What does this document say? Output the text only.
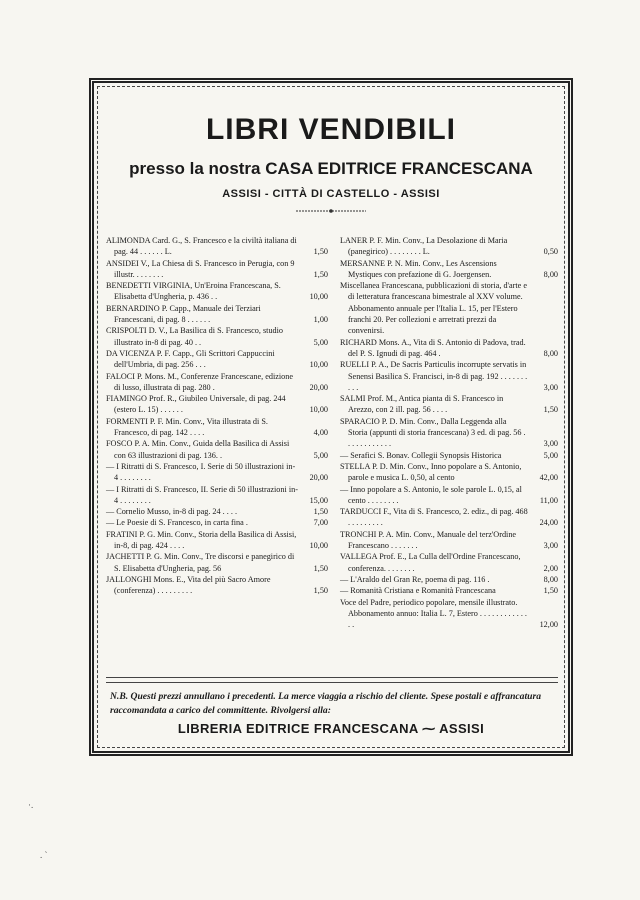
LIBRI VENDIBILI
presso la nostra CASA EDITRICE FRANCESCANA
ASSISI - CITTÀ DI CASTELLO - ASSISI
ALIMONDA Card. G., S. Francesco e la civiltà italiana di pag. 44 . . . . . . L.	1,50
ANSIDEI V., La Chiesa di S. Francesco in Perugia, con 9 illustr. . . . . . . .	1,50
BENEDETTI VIRGINIA, Un'Eroina Francescana, S. Elisabetta d'Ungheria, p. 436 . .	10,00
BERNARDINO P. Capp., Manuale dei Terziari Francescani, di pag. 8 . . . . . .	1,00
CRISPOLTI D. V., La Basilica di S. Francesco, studio illustrato in-8 di pag. 40 . .	5,00
DA VICENZA P. F. Capp., Gli Scrittori Cappuccini dell'Umbria, di pag. 256 . . .	10,00
FALOCI P. Mons. M., Conferenze Francescane, edizione di lusso, illustrata di pag. 280 .	20,00
FIAMINGO Prof. R., Giubileo Universale, di pag. 244 (estero L. 15) . . . . . .	10,00
FORMENTI P. F. Min. Conv., Vita illustrata di S. Francesco, di pag. 142 . . . .	4,00
FOSCO P. A. Min. Conv., Guida della Basilica di Assisi con 63 illustrazioni di pag. 136. .	5,00
— I Ritratti di S. Francesco, I. Serie di 50 illustrazioni in-4 . . . . . . . .	20,00
— I Ritratti di S. Francesco, II. Serie di 50 illustrazioni in-4 . . . . . . . .	15,00
— Cornelio Musso, in-8 di pag. 24 . . . .	1,50
— Le Poesie di S. Francesco, in carta fina .	7,00
FRATINI P. G. Min. Conv., Storia della Basilica di Assisi, in-8, di pag. 424 . . . .	10,00
JACHETTI P. G. Min. Conv., Tre discorsi e panegirico di S. Elisabetta d'Ungheria, pag. 56	1,50
JALLONGHI Mons. E., Vita del più Sacro Amore (conferenza) . . . . . . . . .	1,50
LANER P. F. Min. Conv., La Desolazione di Maria (panegirico) . . . . . . . . L.	0,50
MERSANNE P. N. Min. Conv., Les Ascensions Mystiques con prefazione di G. Joergensen.	8,00
Miscellanea Francescana, pubblicazioni di storia, d'arte e di letteratura francescana bimestrale al XXV volume. Abbonamento annuale per l'Italia L. 15, per l'Estero franchi 20. Per collezioni e arretrati prezzi da convenirsi.
RICHARD Mons. A., Vita di S. Antonio di Padova, trad. del P. S. Ignudi di pag. 464 .	8,00
RUELLI P. A., De Sacris Particulis incorrupte servatis in Senensi Basilica S. Francisci, in-8 di pag. 192 . . . . . . . . . .	3,00
SALMI Prof. M., Antica pianta di S. Francesco in Arezzo, con 2 ill. pag. 56 . . . .	1,50
SPARACIO P. D. Min. Conv., Dalla Leggenda alla Storia (appunti di storia francescana) 3 ed. di pag. 56 . . . . . . . . . . . .	3,00
— Serafici S. Bonav. Collegii Synopsis Historica	5,00
STELLA P. D. Min. Conv., Inno popolare a S. Antonio, parole e musica L. 0,50, al cento	42,00
— Inno popolare a S. Antonio, le sole parole L. 0,15, al cento . . . . . . . .	11,00
TARDUCCI F., Vita di S. Francesco, 2. ediz., di pag. 468 . . . . . . . . .	24,00
TRONCHI P. A. Min. Conv., Manuale del terz'Ordine Francescano . . . . . . .	3,00
VALLEGA Prof. E., La Culla dell'Ordine Francescano, conferenza. . . . . . . .	2,00
— L'Araldo del Gran Re, poema di pag. 116 .	8,00
— Romanità Cristiana e Romanità Francescana	1,50
Voce del Padre, periodico popolare, mensile illustrato. Abbonamento annuo: Italia L. 7, Estero . . . . . . . . . . . . . .	12,00
N.B. Questi prezzi annullano i precedenti. La merce viaggia a rischio del cliente. Spese postali e affrancatura raccomandata a carico del committente. Rivolgersi alla:
LIBRERIA EDITRICE FRANCESCANA ⁓ ASSISI
·.
. ˋ
